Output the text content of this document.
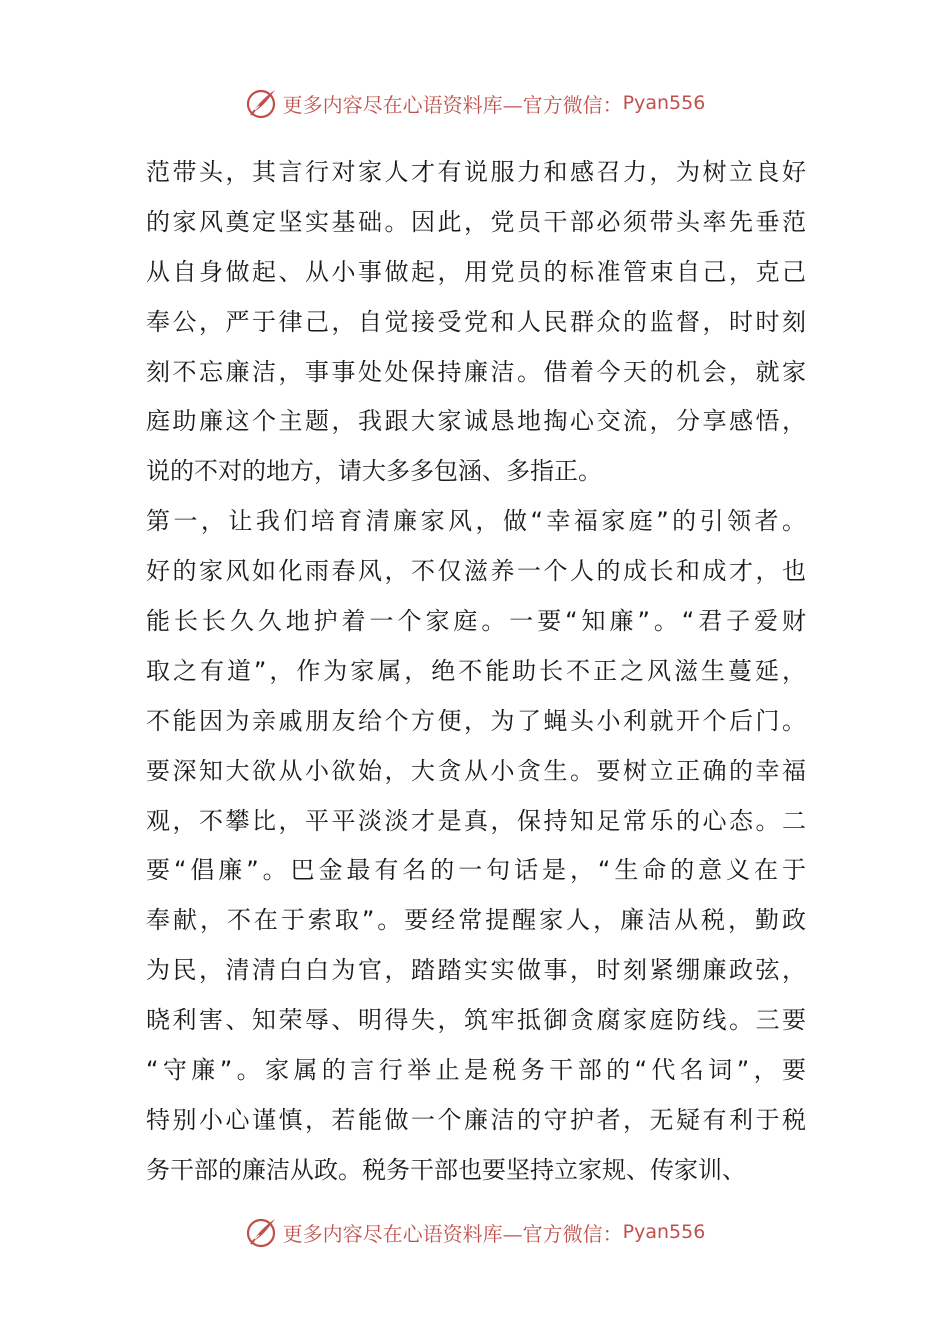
更多内容尽在心语资料库—官方微信： Pyan556
范带头，其言行对家人才有说服力和感召力，为树立良好
的家风奠定坚实基础。因此，党员干部必须带头率先垂范
从自身做起、从小事做起，用党员的标准管束自己，克己
奉公，严于律己，自觉接受党和人民群众的监督，时时刻
刻不忘廉洁，事事处处保持廉洁。借着今天的机会，就家
庭助廉这个主题，我跟大家诚恳地掏心交流，分享感悟，
说的不对的地方，请大多多包涵、多指正。
第一，让我们培育清廉家风，做“幸福家庭”的引领者。
好的家风如化雨春风，不仅滋养一个人的成长和成才，也
能长长久久地护着一个家庭。一要“知廉”。“君子爱财
取之有道”，作为家属，绝不能助长不正之风滋生蔓延，
不能因为亲戚朋友给个方便，为了蝇头小利就开个后门。
要深知大欲从小欲始，大贪从小贪生。要树立正确的幸福
观，不攀比，平平淡淡才是真，保持知足常乐的心态。二
要“倡廉”。巴金最有名的一句话是，“生命的意义在于
奉献，不在于索取”。要经常提醒家人，廉洁从税，勤政
为民，清清白白为官，踏踏实实做事，时刻紧绷廉政弦，
晓利害、知荣辱、明得失，筑牢抵御贪腐家庭防线。三要
“守廉”。家属的言行举止是税务干部的“代名词”，要
特别小心谨慎，若能做一个廉洁的守护者，无疑有利于税
务干部的廉洁从政。税务干部也要坚持立家规、传家训、
更多内容尽在心语资料库—官方微信： Pyan556
